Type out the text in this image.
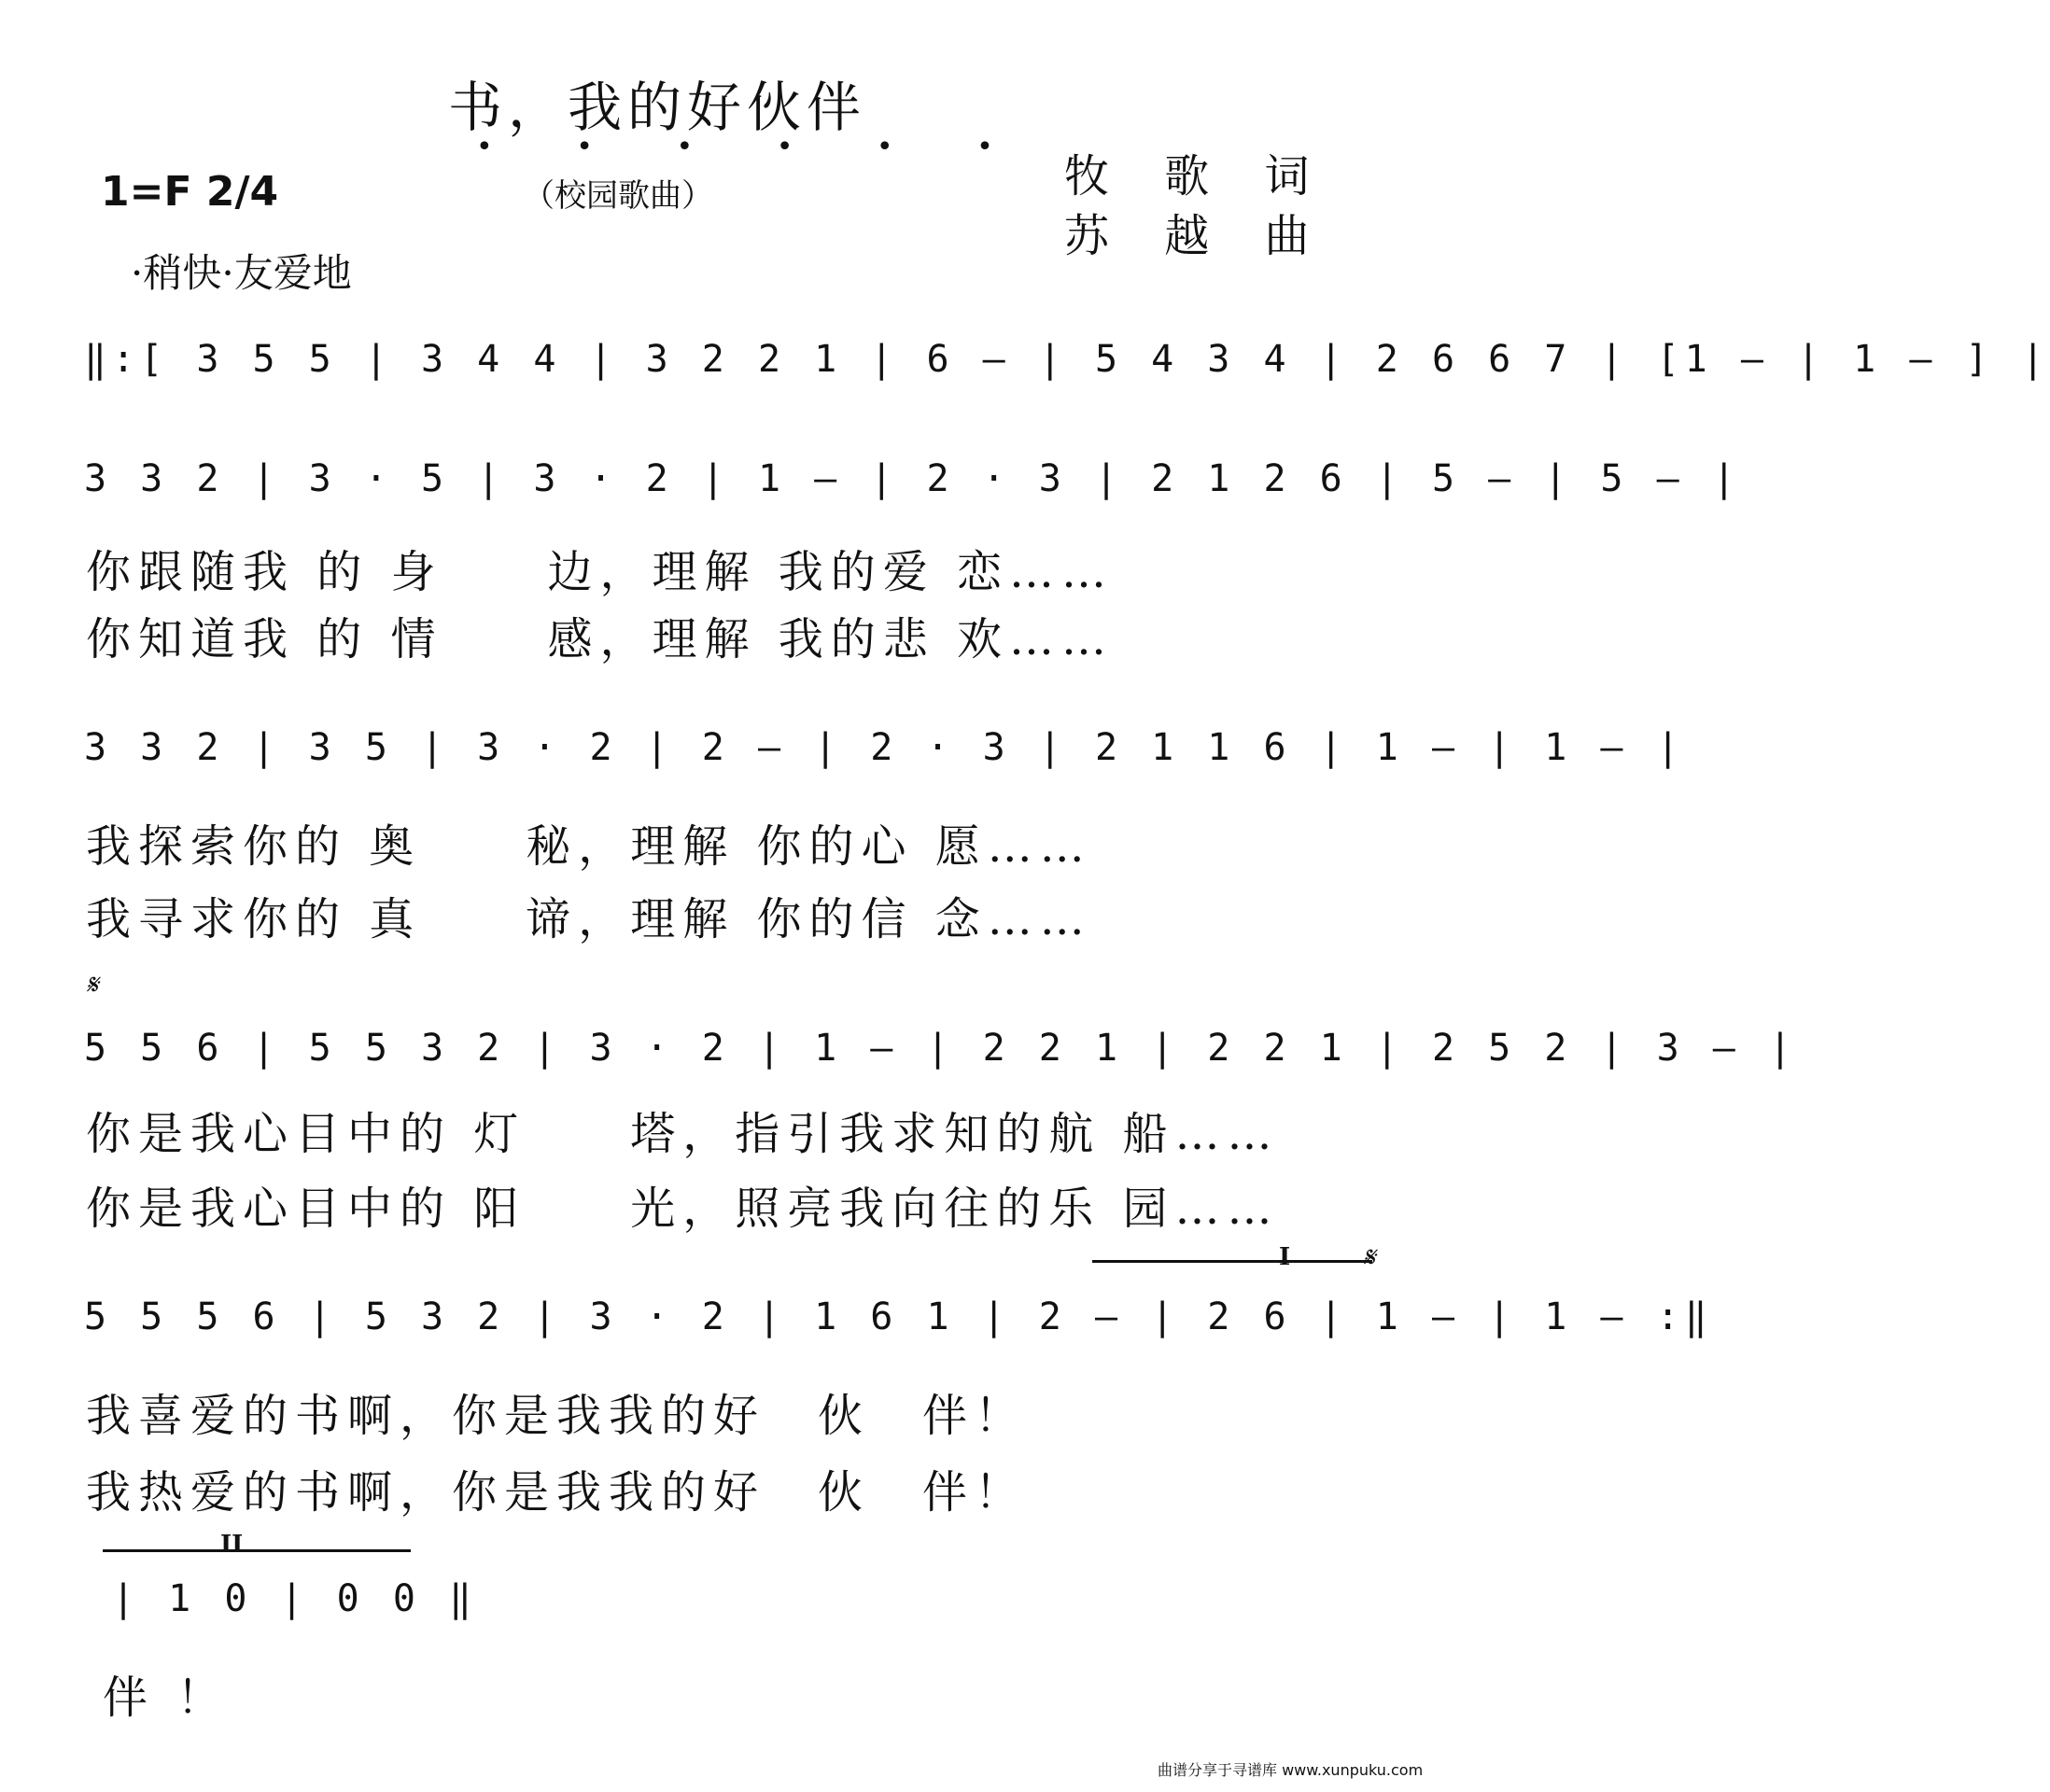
书，我的好伙伴
• • • • • •
（校园歌曲）
1=F 2/4
·稍快·友爱地
牧 歌 词
苏 越 曲
‖:[ 3 5 5 | 3 4 4 | 3 2 2 1 | 6 — | 5 4 3 4 | 2 6 6 7 | [1 — | 1 — ] |
3 3 2 | 3 · 5 | 3 · 2 | 1 — | 2 · 3 | 2 1 2 6 | 5 — | 5 — |
你跟随我 的 身　　边，理解 我的爱 恋……
你知道我 的 情　　感，理解 我的悲 欢……
3 3 2 | 3 5 | 3 · 2 | 2 — | 2 · 3 | 2 1 1 6 | 1 — | 1 — |
我探索你的 奥　　秘，理解 你的心 愿……
我寻求你的 真　　谛，理解 你的信 念……
𝄋
5 5 6 | 5 5 3 2 | 3 · 2 | 1 — | 2 2 1 | 2 2 1 | 2 5 2 | 3 — |
你是我心目中的 灯　　塔，指引我求知的航 船……
你是我心目中的 阳　　光，照亮我向往的乐 园……
I	𝄋
5 5 5 6 | 5 3 2 | 3 · 2 | 1 6 1 | 2 — | 2 6 | 1 — | 1 — :‖
我喜爱的书啊，你是我我的好　伙　伴！
我热爱的书啊，你是我我的好　伙　伴！
II
| 1 0 | 0 0 ‖
伴 ！
曲谱分享于寻谱库 www.xunpuku.com
